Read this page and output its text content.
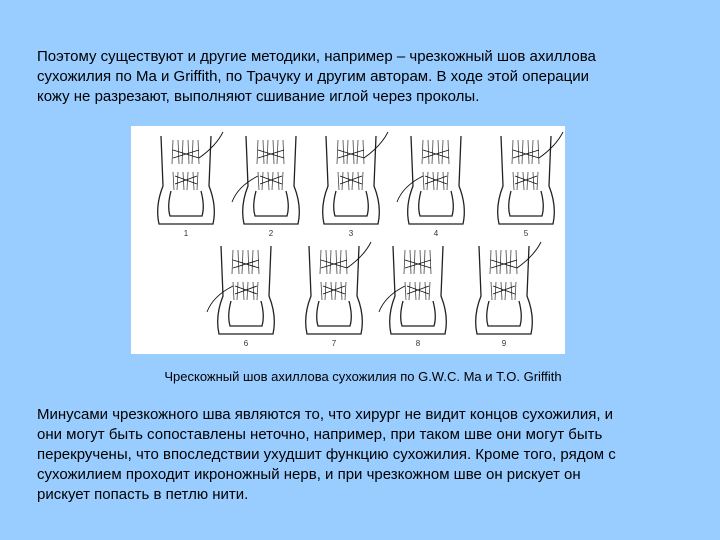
Поэтому существуют и другие методики, например – чрезкожный шов ахиллова
сухожилия по Ma и Griffith, по Трачуку и другим авторам. В ходе этой операции
кожу не разрезают, выполняют сшивание иглой через проколы.

1	2	3	4	5
6	7	8	9
Чрескожный шов ахиллова сухожилия по G.W.C. Ma и T.O. Griffith

Минусами чрезкожного шва являются то, что хирург не видит концов сухожилия, и
они могут быть сопоставлены неточно, например, при таком шве они могут быть
перекручены, что впоследствии ухудшит функцию сухожилия. Кроме того, рядом с
сухожилием проходит икроножный нерв, и при чрезкожном шве он рискует он
рискует попасть в петлю нити.
